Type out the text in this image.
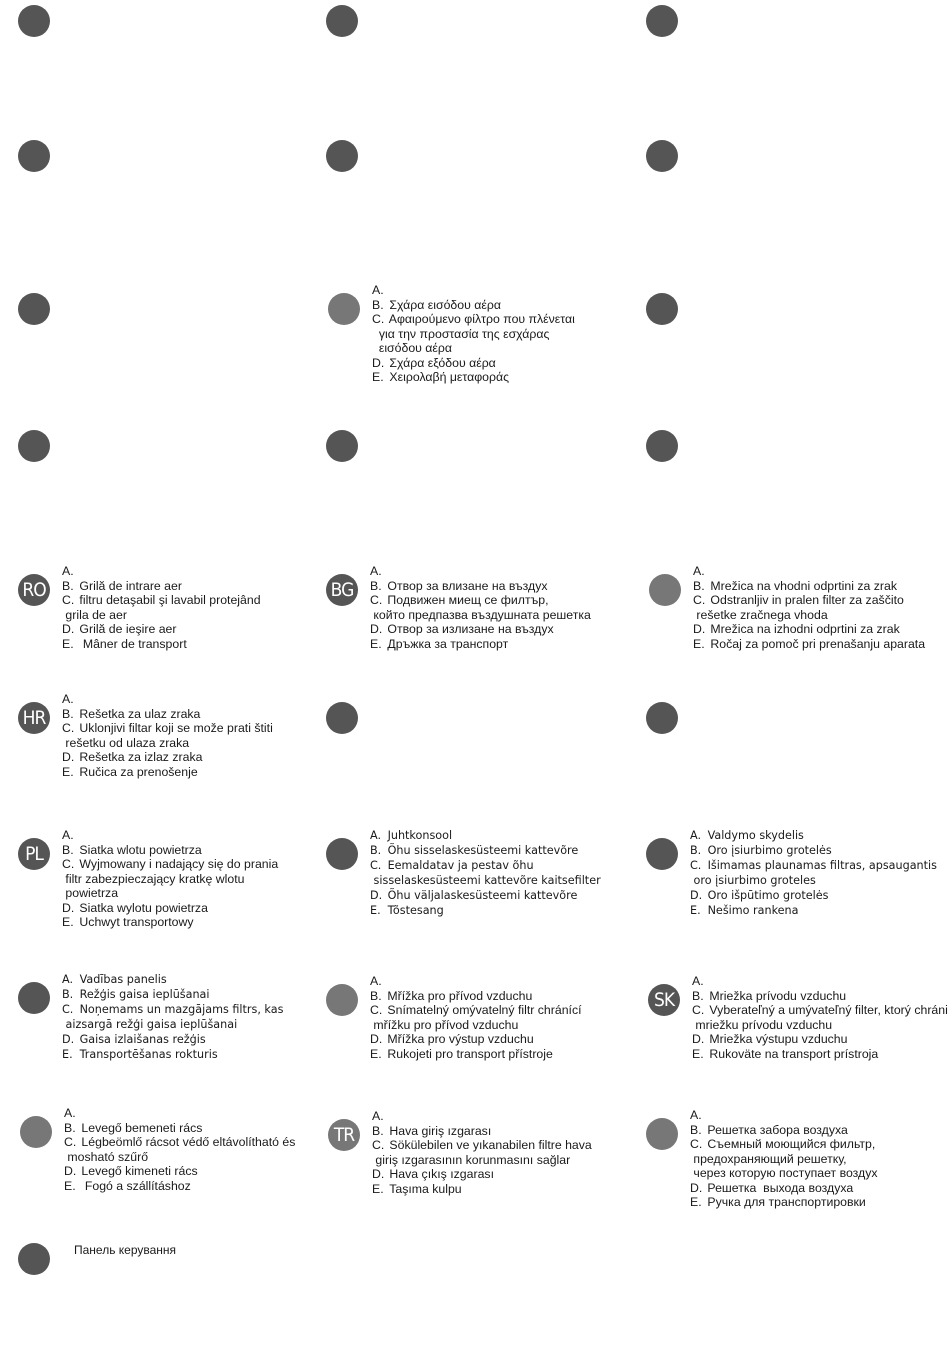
A.
B. Σχάρα εισόδου αέρα
C. Αφαιρούμενο φίλτρο που πλένεται
για την προστασία της εσχάρας
εισόδου αέρα
D. Σχάρα εξόδου αέρα
E. Χειρολαβή μεταφοράς
RO
A.
B. Grilă de intrare aer
C. filtru detaşabil şi lavabil protejând
grila de aer
D. Grilă de ieşire aer
E.  Mâner de transport
BG
A.
B. Отвор за влизане на въздух
C. Подвижен миещ се филтър,
който предпазва въздушната решетка
D. Отвор за излизане на въздух
E. Дръжка за транспорт
A.
B. Mrežica na vhodni odprtini za zrak
C. Odstranljiv in pralen filter za zaščito
rešetke zračnega vhoda
D. Mrežica na izhodni odprtini za zrak
E. Ročaj za pomoč pri prenašanju aparata
HR
A.
B. Rešetka za ulaz zraka
C. Uklonjivi filtar koji se može prati štiti
rešetku od ulaza zraka
D. Rešetka za izlaz zraka
E. Ručica za prenošenje
PL
A.
B. Siatka wlotu powietrza
C. Wyjmowany i nadający się do prania
filtr zabezpieczający kratkę wlotu
powietrza
D. Siatka wylotu powietrza
E. Uchwyt transportowy
A. Juhtkonsool
B. Õhu sisselaskesüsteemi kattevõre
C. Eemaldatav ja pestav õhu
sisselaskesüsteemi kattevõre kaitsefilter
D. Õhu väljalaskesüsteemi kattevõre
E. Tõstesang
A. Valdymo skydelis
B. Oro įsiurbimo grotelės
C. Išimamas plaunamas filtras, apsaugantis
oro įsiurbimo groteles
D. Oro išpūtimo grotelės
E. Nešimo rankena
A. Vadības panelis
B. Režģis gaisa ieplūšanai
C. Noņemams un mazgājams filtrs, kas
aizsargā režģi gaisa ieplūšanai
D. Gaisa izlaišanas režģis
E. Transportēšanas rokturis
A.
B. Mřížka pro přívod vzduchu
C. Snímatelný omývatelný filtr chránící
mřížku pro přívod vzduchu
D. Mřížka pro výstup vzduchu
E. Rukojeti pro transport přístroje
SK
A.
B. Mriežka prívodu vzduchu
C. Vyberateľný a umývateľný filter, ktorý chráni
mriežku prívodu vzduchu
D. Mriežka výstupu vzduchu
E. Rukoväte na transport prístroja
A.
B. Levegő bemeneti rács
C. Légbeömlő rácsot védő eltávolítható és
mosható szűrő
D. Levegő kimeneti rács
E.  Fogó a szállításhoz
TR
A.
B. Hava giriş ızgarası
C. Sökülebilen ve yıkanabilen filtre hava
giriş ızgarasının korunmasını sağlar
D. Hava çıkış ızgarası
E. Taşıma kulpu
A.
B. Решетка забора воздуха
C. Съемный моющийся фильтр,
предохраняющий решетку,
через которую поступает воздух
D. Решетка  выхода воздуха
E. Ручка для транспортировки
Панель керування
